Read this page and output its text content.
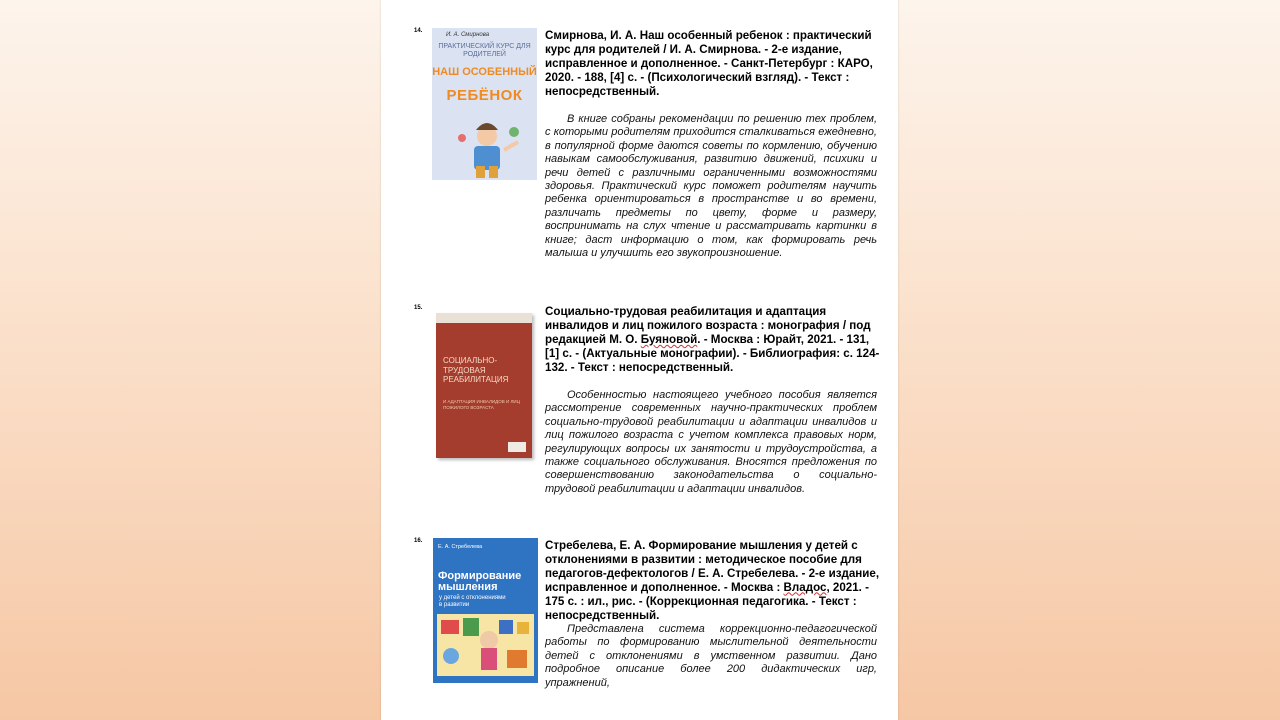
14.
И. А. Смирнова
ПРАКТИЧЕСКИЙ КУРС ДЛЯ РОДИТЕЛЕЙ
НАШ ОСОБЕННЫЙ
РЕБЁНОК
Смирнова, И. А. Наш особенный ребенок : практический курс для родителей / И. А. Смирнова. - 2-е издание, исправленное и дополненное. - Санкт-Петербург : КАРО, 2020. - 188, [4] с. - (Психологический взгляд). - Текст : непосредственный.
В книге собраны рекомендации по решению тех проблем, с которыми родителям приходится сталкиваться ежедневно, в популярной форме даются советы по кормлению, обучению навыкам самообслуживания, развитию движений, психики и речи детей с различными ограниченными возможностями здоровья. Практический курс поможет родителям научить ребенка ориентироваться в пространстве и во времени, различать предметы по цвету, форме и размеру, воспринимать на слух чтение и рассматривать картинки в книге; даст информацию о том, как формировать речь малыша и улучшить его звукопроизношение.
15.
СОЦИАЛЬНО-ТРУДОВАЯ РЕАБИЛИТАЦИЯ
И АДАПТАЦИЯ ИНВАЛИДОВ И ЛИЦ ПОЖИЛОГО ВОЗРАСТА
Социально-трудовая реабилитация и адаптация инвалидов и лиц пожилого возраста : монография / под редакцией М. О. Буяновой. - Москва : Юрайт, 2021. - 131, [1] с. - (Актуальные монографии). - Библиография: с. 124-132. - Текст : непосредственный.
Особенностью настоящего учебного пособия является рассмотрение современных научно-практических проблем социально-трудовой реабилитации и адаптации инвалидов и лиц пожилого возраста с учетом комплекса правовых норм, регулирующих вопросы их занятости и трудоустройства, а также социального обслуживания. Вносятся предложения по совершенствованию законодательства о социально-трудовой реабилитации и адаптации инвалидов.
16.
Е. А. Стребелева
Формирование мышления
у детей с отклонениями в развитии
Стребелева, Е. А. Формирование мышления у детей с отклонениями в развитии : методическое пособие для педагогов-дефектологов / Е. А. Стребелева. - 2-е издание, исправленное и дополненное. - Москва : Владос, 2021. - 175 с. : ил., рис. - (Коррекционная педагогика. - Текст : непосредственный.
Представлена система коррекционно-педагогической работы по формированию мыслительной деятельности детей с отклонениями в умственном развитии. Дано подробное описание более 200 дидактических игр, упражнений,
